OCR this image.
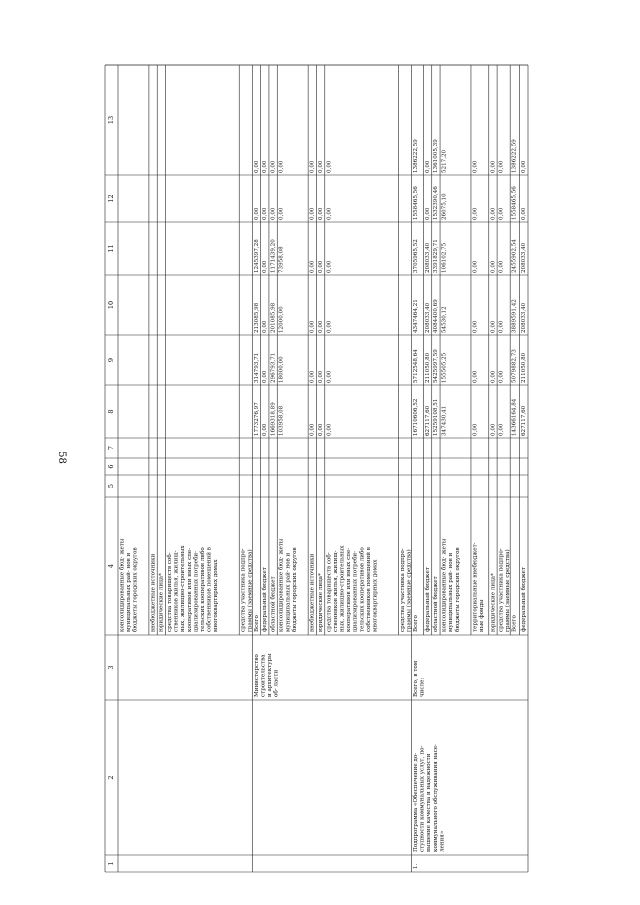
58
1
2
3
4
5
6
7
8
9
10
11
12
13
консолидированные бюд- жеты муниципальных рай- нов и бюджеты городских округов внебюджетные источники юридические лица* средства товариществ соб- ственников жилья, жилищ- ных, жилищно-строительных кооперативов или иных спе- циализированных потреби- тельских кооперативов либо собственников помещений в многоквартирных домах	средства участника подпро- граммы (заемные средства) Всего
Министерство строительства и архитектуры об- ласти
1773276,97
314793,71
213085,98
1245397,28
0,00
0,00
федеральный бюджет
0,00
0,00
0,00
0,00
0,00
0,00
областной бюджет
1669318,89
296793,71
201085,98
1171439,20
0,00
0,00
консолидированные бюд- жеты муниципальных рай- нов и бюджеты городских округов
103958,08
18000,00
12000,00
73958,08
0,00
0,00
внебюджетные источники
0,00
0,00
0,00
0,00
0,00
0,00
юридические лица*
0,00
0,00
0,00
0,00
0,00
0,00
средства товариществ соб- ственников жилья, жилищ- ных, жилищно-строительных кооперативов или иных спе- циализированных потреби- тельских кооперативов либо собственников помещений в многоквартирных домах
0,00
0,00
0,00
0,00
0,00
0,00
средства участника подпро- граммы (заемные средства) Всего
Всего, в том числе:
Подпрограмма «Обеспечение до- ступности коммунальных услуг, по- вышение качества и надежности коммунального обслуживания насе- ления»
1.
16710606,52
5712548,64
4347464,21
3705965,52
1558465,56
1386222,59
федеральный бюджет
627117,60
211050,80
208033,40
208033,40
0,00
0,00
областной бюджет
15259108,51
5425997,59
4084400,69
3391829,71
1532390,46
1361005,39
консолидированные бюд- жеты муниципальных рай- нов и бюджеты городских округов
347430,41
155505,25
54530,12
106102,75
26075,10
5217,20
территориальные внебюджет- ные фонды
0,00
0,00
0,00
0,00
0,00
0,00
юридические лица*
0,00
0,00
0,00
0,00
0,00
0,00
средства участника подпро- граммы (заемные средства)
0,00
0,00
0,00
0,00
0,00
0,00
Всего
14366164,84
5079882,73
3889591,42
2455902,54
1558465,56
1386222,59
федеральный бюджет
627117,60
211050,80
208033,40
208033,40
0,00
0,00
